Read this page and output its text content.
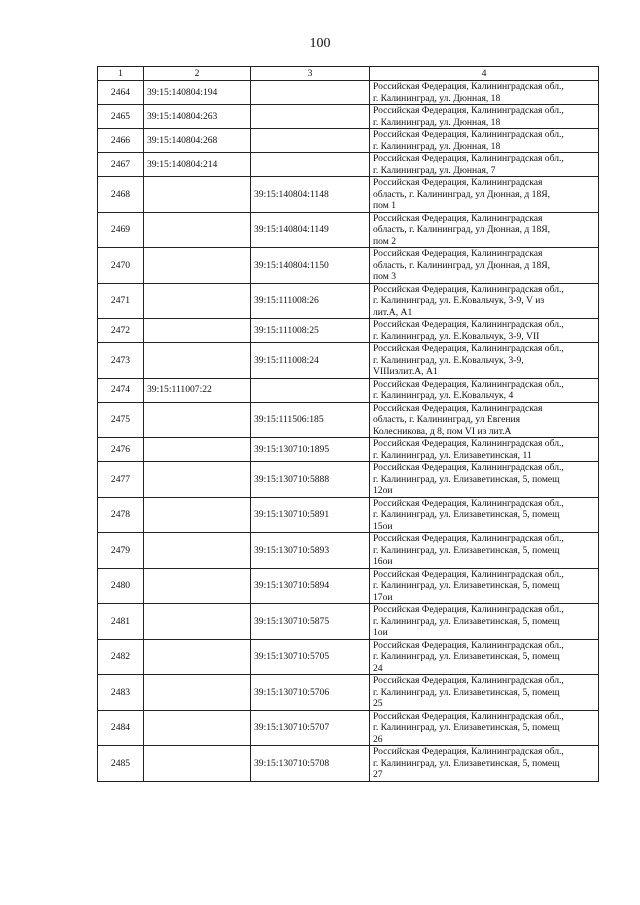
100
1	2	3	4
2464	39:15:140804:194		Российская Федерация, Калининградская обл.,
г. Калининград, ул. Дюнная, 18

2465	39:15:140804:263		Российская Федерация, Калининградская обл.,
г. Калининград, ул. Дюнная, 18

2466	39:15:140804:268		Российская Федерация, Калининградская обл.,
г. Калининград, ул. Дюнная, 18

2467	39:15:140804:214		Российская Федерация, Калининградская обл.,
г. Калининград, ул. Дюнная, 7

2468		39:15:140804:1148	Российская Федерация, Калининградская
область, г. Калининград, ул Дюнная, д 18Я,
пом 1

2469		39:15:140804:1149	Российская Федерация, Калининградская
область, г. Калининград, ул Дюнная, д 18Я,
пом 2

2470		39:15:140804:1150	Российская Федерация, Калининградская
область, г. Калининград, ул Дюнная, д 18Я,
пом 3

2471		39:15:111008:26	Российская Федерация, Калининградская обл.,
г. Калининград, ул. Е.Ковальчук, 3-9, V из
лит.А, А1

2472		39:15:111008:25	Российская Федерация, Калининградская обл.,
г. Калининград, ул. Е.Ковальчук, 3-9, VII

2473		39:15:111008:24	Российская Федерация, Калининградская обл.,
г. Калининград, ул. Е.Ковальчук, 3-9,
VIIIизлит.А, А1

2474	39:15:111007:22		Российская Федерация, Калининградская обл.,
г. Калининград, ул. Е.Ковальчук, 4

2475		39:15:111506:185	Российская Федерация, Калининградская
область, г. Калининград, ул Евгения
Колесникова, д 8, пом VI из лит.А

2476		39:15:130710:1895	Российская Федерация, Калининградская обл.,
г. Калининград, ул. Елизаветинская, 11

2477		39:15:130710:5888	Российская Федерация, Калининградская обл.,
г. Калининград, ул. Елизаветинская, 5, помещ
12ои

2478		39:15:130710:5891	Российская Федерация, Калининградская обл.,
г. Калининград, ул. Елизаветинская, 5, помещ
15ои

2479		39:15:130710:5893	Российская Федерация, Калининградская обл.,
г. Калининград, ул. Елизаветинская, 5, помещ
16ои

2480		39:15:130710:5894	Российская Федерация, Калининградская обл.,
г. Калининград, ул. Елизаветинская, 5, помещ
17ои

2481		39:15:130710:5875	Российская Федерация, Калининградская обл.,
г. Калининград, ул. Елизаветинская, 5, помещ
1ои

2482		39:15:130710:5705	Российская Федерация, Калининградская обл.,
г. Калининград, ул. Елизаветинская, 5, помещ
24

2483		39:15:130710:5706	Российская Федерация, Калининградская обл.,
г. Калининград, ул. Елизаветинская, 5, помещ
25

2484		39:15:130710:5707	Российская Федерация, Калининградская обл.,
г. Калининград, ул. Елизаветинская, 5, помещ
26

2485		39:15:130710:5708	Российская Федерация, Калининградская обл.,
г. Калининград, ул. Елизаветинская, 5, помещ
27
